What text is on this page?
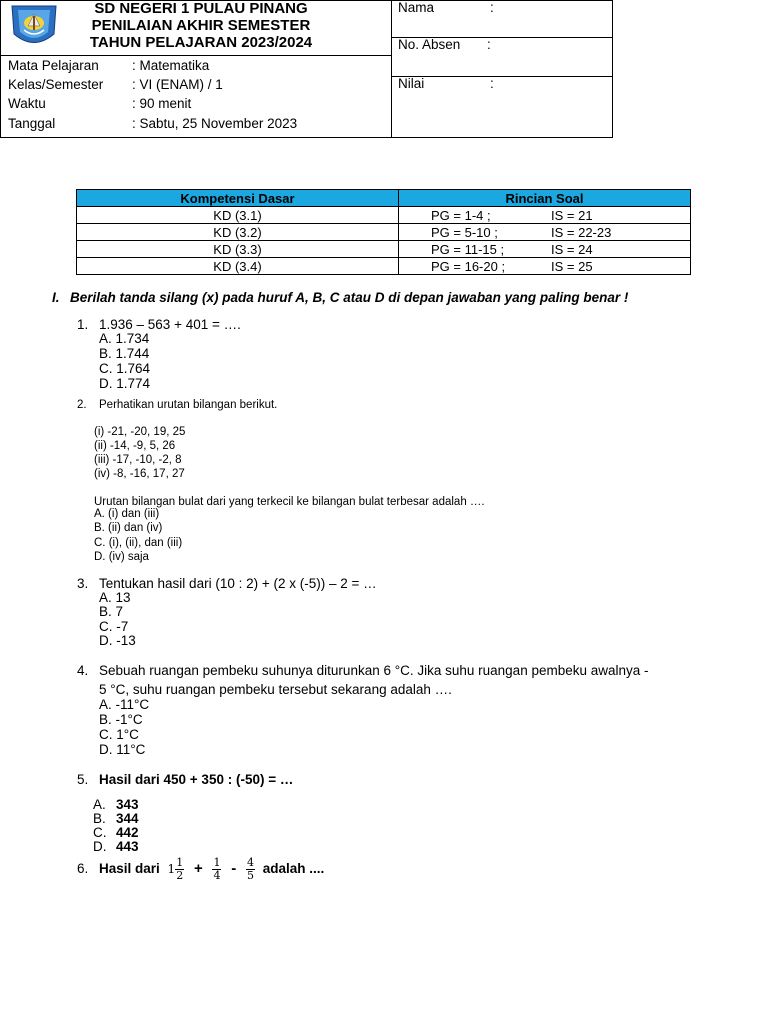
SD NEGERI 1 PULAU PINANG
PENILAIAN AKHIR SEMESTER
TAHUN PELAJARAN 2023/2024
Mata Pelajaran : Matematika
Kelas/Semester : VI (ENAM) / 1
Waktu	: 90 menit
Tanggal	: Sabtu, 25 November 2023
Nama	:
No. Absen :
Nilai	:
Kompetensi Dasar	Rincian Soal
KD (3.1)	PG = 1-4 ; IS = 21
KD (3.2)	PG = 5-10 ; IS = 22-23
KD (3.3)	PG = 11-15 ; IS = 24
KD (3.4)	PG = 16-20 ; IS = 25
I. Berilah tanda silang (x) pada huruf A, B, C atau D di depan jawaban yang paling benar !
1. 1.936 – 563 + 401 = ….
A. 1.734
B. 1.744
C. 1.764
D. 1.774
2. Perhatikan urutan bilangan berikut.
(i) -21, -20, 19, 25
(ii) -14, -9, 5, 26
(iii) -17, -10, -2, 8
(iv) -8, -16, 17, 27
Urutan bilangan bulat dari yang terkecil ke bilangan bulat terbesar adalah ….
A. (i) dan (iii)
B. (ii) dan (iv)
C. (i), (ii), dan (iii)
D. (iv) saja
3. Tentukan hasil dari (10 : 2) + (2 x (-5)) – 2 = …
A. 13
B. 7
C. -7
D. -13
4. Sebuah ruangan pembeku suhunya diturunkan 6 °C. Jika suhu ruangan pembeku awalnya -
5 °C, suhu ruangan pembeku tersebut sekarang adalah ….
A. -11°C
B. -1°C
C. 1°C
D. 11°C
5. Hasil dari 450 + 350 : (-50) = …
A. 343
B. 344
C. 442
D. 443
6. Hasil dari $1 \frac{1}{2} + \frac{1}{4} - \frac{4}{5}$ adalah ....
